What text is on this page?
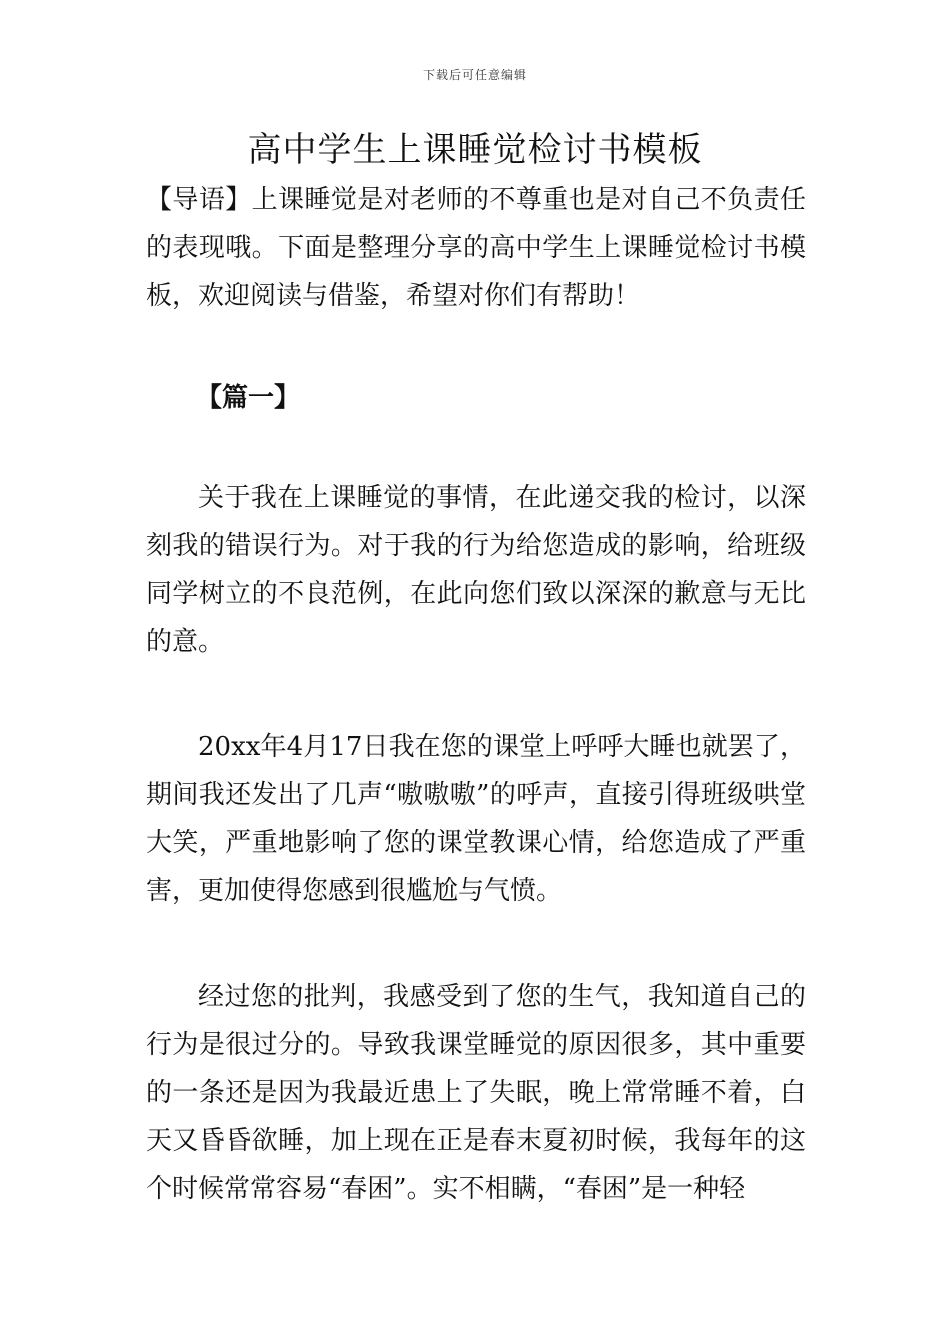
下载后可任意编辑
高中学生上课睡觉检讨书模板

【导语】上课睡觉是对老师的不尊重也是对自己不负责任的表现哦。下面是整理分享的高中学生上课睡觉检讨书模板，欢迎阅读与借鉴，希望对你们有帮助！

【篇一】

关于我在上课睡觉的事情，在此递交我的检讨，以深刻我的错误行为。对于我的行为给您造成的影响，给班级同学树立的不良范例，在此向您们致以深深的歉意与无比的意。

20xx年4月17日我在您的课堂上呼呼大睡也就罢了，期间我还发出了几声“嗷嗷嗷”的呼声，直接引得班级哄堂大笑，严重地影响了您的课堂教课心情，给您造成了严重害，更加使得您感到很尴尬与气愤。

经过您的批判，我感受到了您的生气，我知道自己的行为是很过分的。导致我课堂睡觉的原因很多，其中重要的一条还是因为我最近患上了失眠，晚上常常睡不着，白天又昏昏欲睡，加上现在正是春末夏初时候，我每年的这个时候常常容易“春困”。实不相瞒，“春困”是一种轻
